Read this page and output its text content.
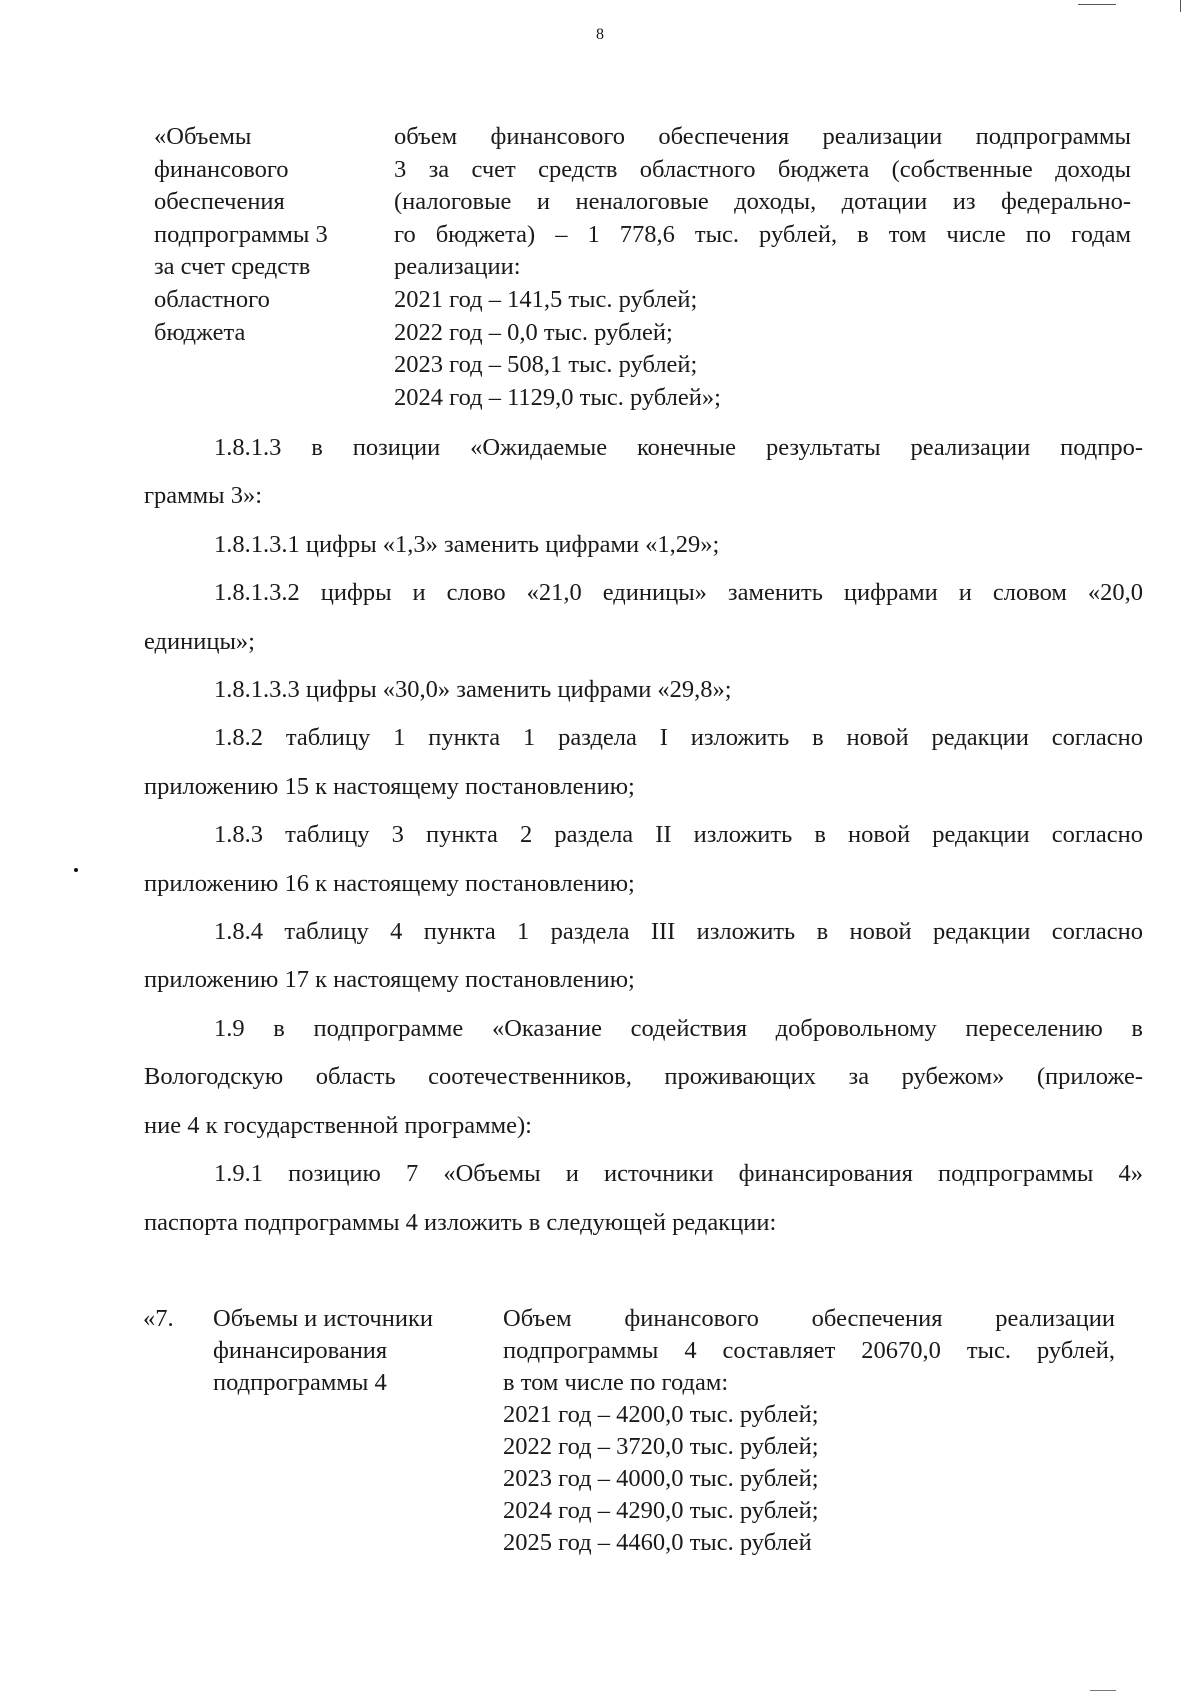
8
«Объемы
финансового
обеспечения
подпрограммы 3
за счет средств
областного
бюджета
объем финансового обеспечения реализации подпрограммы
3 за счет средств областного бюджета (собственные доходы
(налоговые и неналоговые доходы, дотации из федерально-
го бюджета) – 1 778,6 тыс. рублей, в том числе по годам
реализации:
2021 год – 141,5 тыс. рублей;
2022 год – 0,0 тыс. рублей;
2023 год – 508,1 тыс. рублей;
2024 год – 1129,0 тыс. рублей»;

1.8.1.3 в позиции «Ожидаемые конечные результаты реализации подпро-
граммы 3»:

1.8.1.3.1 цифры «1,3» заменить цифрами «1,29»;

1.8.1.3.2 цифры и слово «21,0 единицы» заменить цифрами и словом «20,0
единицы»;

1.8.1.3.3 цифры «30,0» заменить цифрами «29,8»;

1.8.2 таблицу 1 пункта 1 раздела I изложить в новой редакции согласно
приложению 15 к настоящему постановлению;

1.8.3 таблицу 3 пункта 2 раздела II изложить в новой редакции согласно
приложению 16 к настоящему постановлению;

1.8.4 таблицу 4 пункта 1 раздела III изложить в новой редакции согласно
приложению 17 к настоящему постановлению;

1.9 в подпрограмме «Оказание содействия добровольному переселению в
Вологодскую область соотечественников, проживающих за рубежом» (приложе-
ние 4 к государственной программе):

1.9.1 позицию 7 «Объемы и источники финансирования подпрограммы 4»
паспорта подпрограммы 4 изложить в следующей редакции:

«7.	Объемы и источники
финансирования
подпрограммы 4
Объем финансового обеспечения реализации
подпрограммы 4 составляет 20670,0 тыс. рублей,
в том числе по годам:
2021 год – 4200,0 тыс. рублей;
2022 год – 3720,0 тыс. рублей;
2023 год – 4000,0 тыс. рублей;
2024 год – 4290,0 тыс. рублей;
2025 год – 4460,0 тыс. рублей
